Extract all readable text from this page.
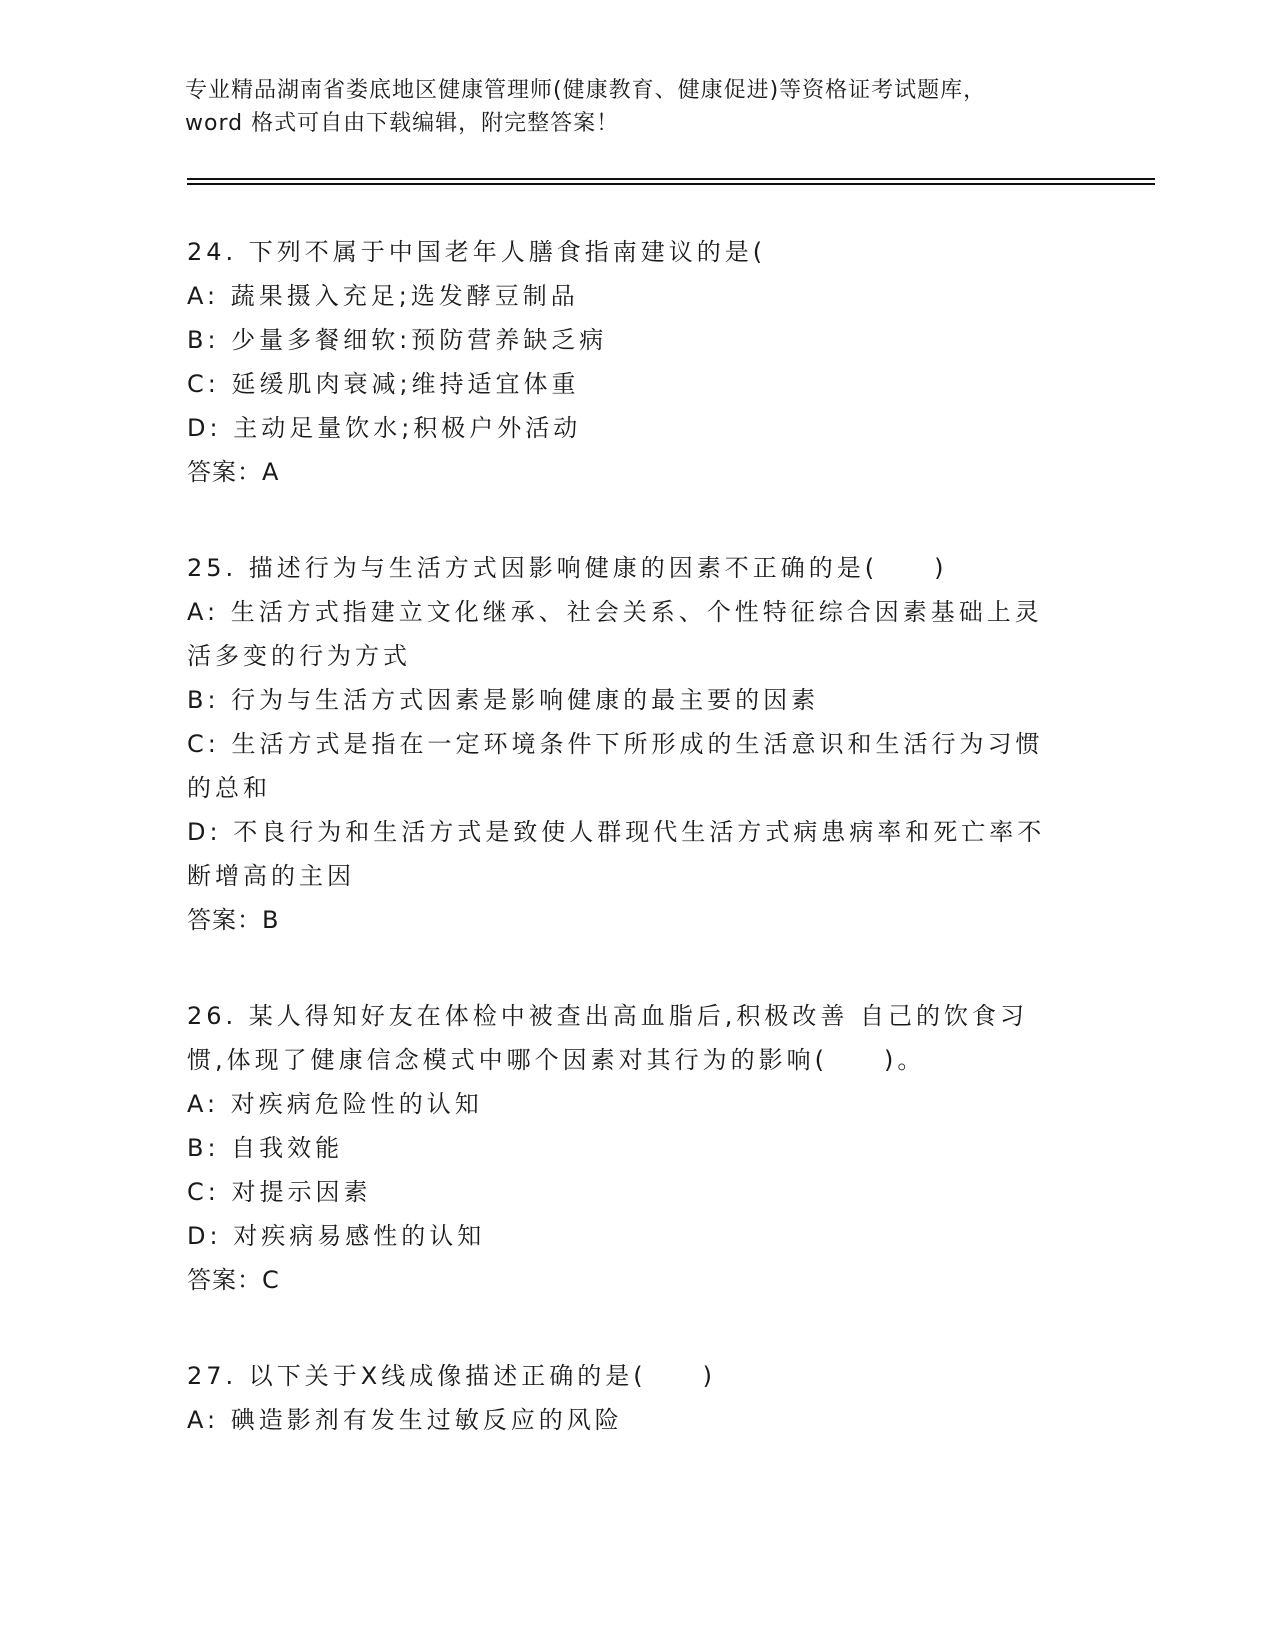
专业精品湖南省娄底地区健康管理师(健康教育、健康促进)等资格证考试题库，
word 格式可自由下载编辑，附完整答案！
24. 下列不属于中国老年人膳食指南建议的是(
A: 蔬果摄入充足;选发酵豆制品
B: 少量多餐细软:预防营养缺乏病
C: 延缓肌肉衰减;维持适宜体重
D: 主动足量饮水;积极户外活动
答案：A
25. 描述行为与生活方式因影响健康的因素不正确的是(　　)
A: 生活方式指建立文化继承、社会关系、个性特征综合因素基础上灵
活多变的行为方式
B: 行为与生活方式因素是影响健康的最主要的因素
C: 生活方式是指在一定环境条件下所形成的生活意识和生活行为习惯
的总和
D: 不良行为和生活方式是致使人群现代生活方式病患病率和死亡率不
断增高的主因
答案：B
26. 某人得知好友在体检中被查出高血脂后,积极改善 自己的饮食习
惯,体现了健康信念模式中哪个因素对其行为的影响(　　)。
A: 对疾病危险性的认知
B: 自我效能
C: 对提示因素
D: 对疾病易感性的认知
答案：C
27. 以下关于X线成像描述正确的是(　　)
A: 碘造影剂有发生过敏反应的风险
